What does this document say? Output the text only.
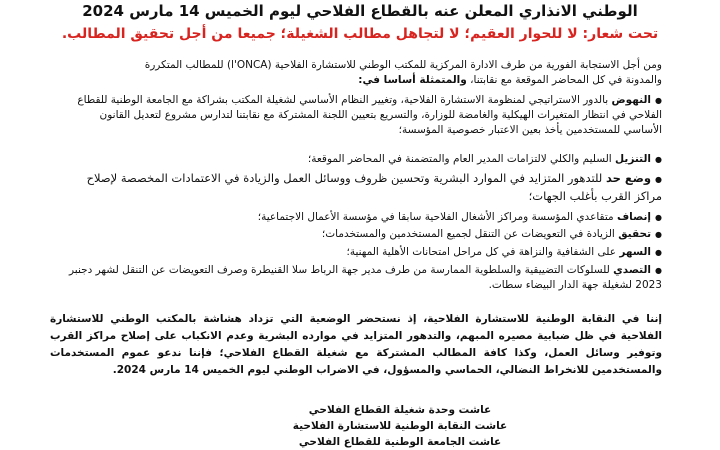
الوطني الانذاري المعلن عنه بالقطاع الفلاحي ليوم الخميس 14 مارس 2024
تحت شعار: لا للحوار العقيم؛ لا لتجاهل مطالب الشغيلة؛ جميعا من أجل تحقيق المطالب.
ومن أجل الاستجابة الفورية من طرف الادارة المركزية للمكتب الوطني للاستشارة الفلاحية (l'ONCA) للمطالب المتكررة
والمدونة في كل المحاضر الموقعة مع نقابتنا، والمتمثلة أساسا في:
●النهوض بالدور الاستراتيجي لمنظومة الاستشارة الفلاحية، وتغيير النظام الأساسي لشغيلة المكتب بشراكة مع الجامعة الوطنية للقطاع الفلاحي في انتظار المتغيرات الهيكلية والغامضة للوزارة، والتسريع بتعيين اللجنة المشتركة مع نقابتنا لتدارس مشروع لتعديل القانون الأساسي للمستخدمين يأخذ بعين الاعتبار خصوصية المؤسسة؛
●التنزيل السليم والكلي لالتزامات المدير العام والمتضمنة في المحاضر الموقعة؛
●وضع حد للتدهور المتزايد في الموارد البشرية وتحسين ظروف ووسائل العمل والزيادة في الاعتمادات المخصصة لإصلاح مراكز القرب بأغلب الجهات؛
●إنصاف متقاعدي المؤسسة ومراكز الأشغال الفلاحية سابقا في مؤسسة الأعمال الاجتماعية؛
●تحقيق الزيادة في التعويضات عن التنقل لجميع المستخدمين والمستخدمات؛
●السهر على الشفافية والنزاهة في كل مراحل امتحانات الأهلية المهنية؛
●التصدي للسلوكات التضييقية والسلطوية الممارسة من طرف مدير جهة الرباط سلا القنيطرة وصرف التعويضات عن التنقل لشهر دجنبر 2023 لشغيلة جهة الدار البيضاء سطات.
إننا في النقابة الوطنية للاستشارة الفلاحية، إذ نستحضر الوضعية التي تزداد هشاشة بالمكتب الوطني للاستشارة الفلاحية في ظل ضبابية مصيره المبهم، والتدهور المتزايد في موارده البشرية وعدم الانكباب على إصلاح مراكز القرب وتوفير وسائل العمل، وكذا كافة المطالب المشتركة مع شغيلة القطاع الفلاحي؛ فإننا ندعو عموم المستخدمات والمستخدمين للانخراط النضالي، الحماسي والمسؤول، في الاضراب الوطني ليوم الخميس 14 مارس 2024.
عاشت وحدة شغيلة القطاع الفلاحي
عاشت النقابة الوطنية للاستشارة الفلاحية
عاشت الجامعة الوطنية للقطاع الفلاحي
